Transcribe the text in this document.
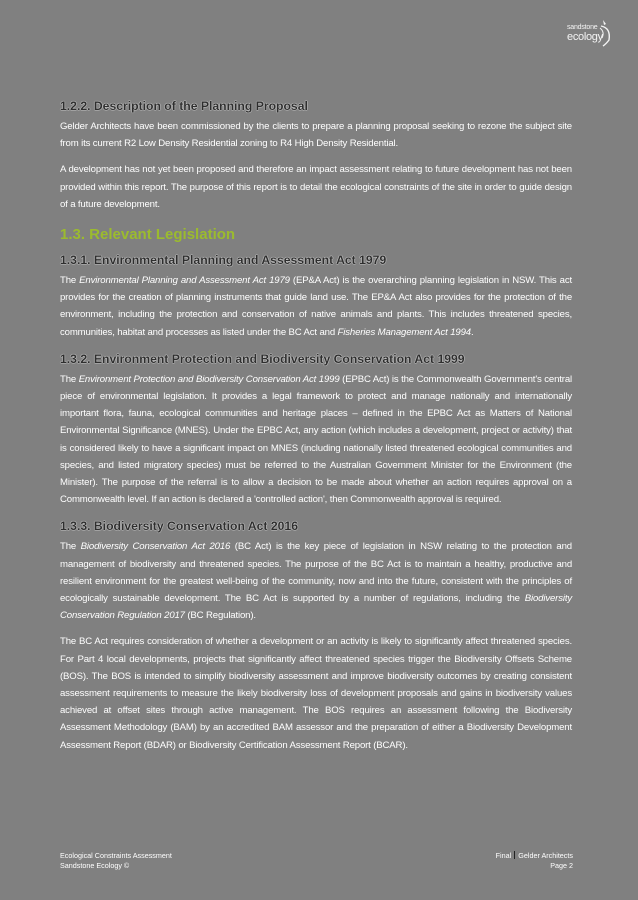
sandstone
ecology
1.2.2. Description of the Planning Proposal

Gelder Architects have been commissioned by the clients to prepare a planning proposal seeking to rezone the subject site from its current R2 Low Density Residential zoning to R4 High Density Residential.

A development has not yet been proposed and therefore an impact assessment relating to future development has not been provided within this report. The purpose of this report is to detail the ecological constraints of the site in order to guide design of a future development.

1.3. Relevant Legislation
1.3.1. Environmental Planning and Assessment Act 1979

The Environmental Planning and Assessment Act 1979 (EP&A Act) is the overarching planning legislation in NSW. This act provides for the creation of planning instruments that guide land use. The EP&A Act also provides for the protection of the environment, including the protection and conservation of native animals and plants. This includes threatened species, communities, habitat and processes as listed under the BC Act and Fisheries Management Act 1994.

1.3.2. Environment Protection and Biodiversity Conservation Act 1999

The Environment Protection and Biodiversity Conservation Act 1999 (EPBC Act) is the Commonwealth Government's central piece of environmental legislation. It provides a legal framework to protect and manage nationally and internationally important flora, fauna, ecological communities and heritage places – defined in the EPBC Act as Matters of National Environmental Significance (MNES). Under the EPBC Act, any action (which includes a development, project or activity) that is considered likely to have a significant impact on MNES (including nationally listed threatened ecological communities and species, and listed migratory species) must be referred to the Australian Government Minister for the Environment (the Minister). The purpose of the referral is to allow a decision to be made about whether an action requires approval on a Commonwealth level. If an action is declared a 'controlled action', then Commonwealth approval is required.

1.3.3. Biodiversity Conservation Act 2016

The Biodiversity Conservation Act 2016 (BC Act) is the key piece of legislation in NSW relating to the protection and management of biodiversity and threatened species. The purpose of the BC Act is to maintain a healthy, productive and resilient environment for the greatest well-being of the community, now and into the future, consistent with the principles of ecologically sustainable development. The BC Act is supported by a number of regulations, including the Biodiversity Conservation Regulation 2017 (BC Regulation).

The BC Act requires consideration of whether a development or an activity is likely to significantly affect threatened species. For Part 4 local developments, projects that significantly affect threatened species trigger the Biodiversity Offsets Scheme (BOS). The BOS is intended to simplify biodiversity assessment and improve biodiversity outcomes by creating consistent assessment requirements to measure the likely biodiversity loss of development proposals and gains in biodiversity values achieved at offset sites through active management. The BOS requires an assessment following the Biodiversity Assessment Methodology (BAM) by an accredited BAM assessor and the preparation of either a Biodiversity Development Assessment Report (BDAR) or Biodiversity Certification Assessment Report (BCAR).

Ecological Constraints Assessment
Sandstone Ecology ©
Final Gelder Architects
Page 2
